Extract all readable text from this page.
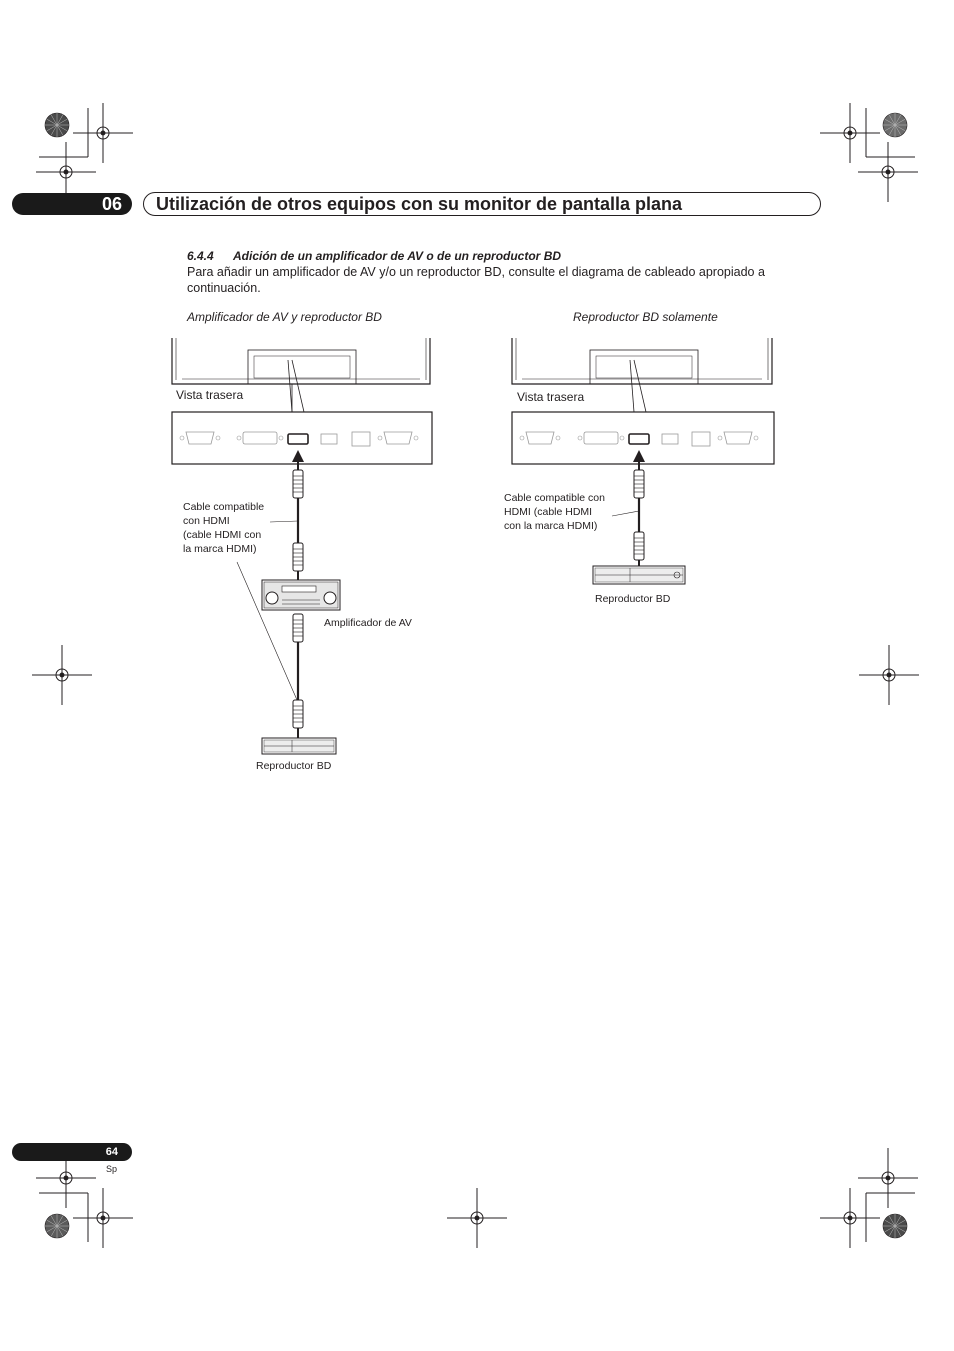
06	Utilización de otros equipos con su monitor de pantalla plana
6.4.4 Adición de un amplificador de AV o de un reproductor BD
Para añadir un amplificador de AV y/o un reproductor BD, consulte el diagrama de cableado apropiado a continuación.
Amplificador de AV y reproductor BD
Vista trasera
Cable compatible
con HDMI
(cable HDMI con
la marca HDMI)
Amplificador de AV
Reproductor BD
Reproductor BD solamente
Vista trasera
Cable compatible con
HDMI (cable HDMI
con la marca HDMI)
Reproductor BD
64
Sp
